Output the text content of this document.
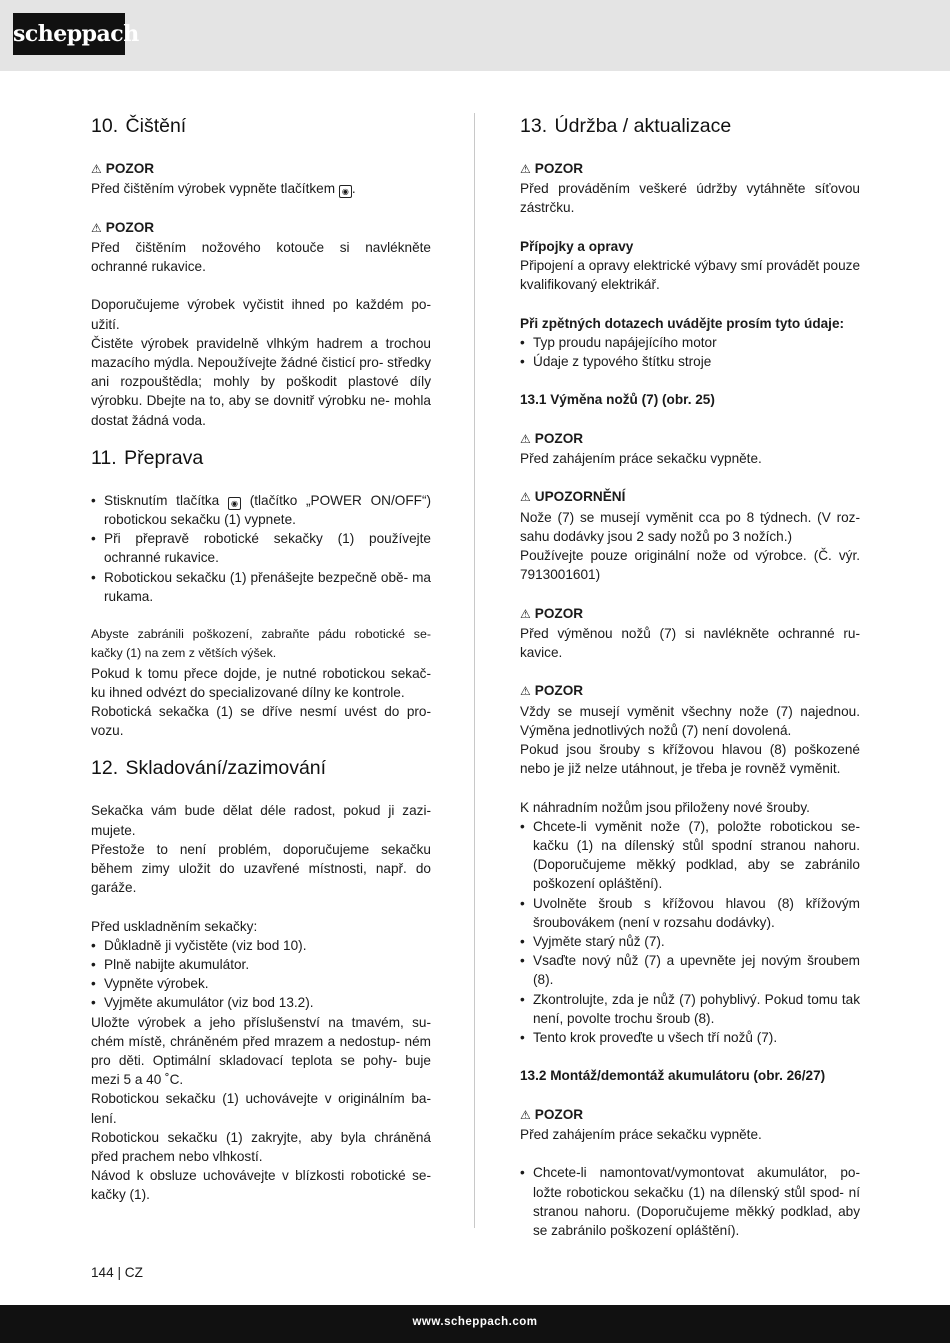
scheppach
10. Čištění
⚠ POZOR

Před čištěním výrobek vypněte tlačítkem ◉ .

⚠ POZOR

Před čištěním nožového kotouče si navlékněte ochranné rukavice.

Doporučujeme výrobek vyčistit ihned po každém po- užití.

Čistěte výrobek pravidelně vlhkým hadrem a trochou mazacího mýdla. Nepoužívejte žádné čisticí pro- středky ani rozpouštědla; mohly by poškodit plastové díly výrobku. Dbejte na to, aby se dovnitř výrobku ne- mohla dostat žádná voda.

11. Přeprava
• Stisknutím tlačítka ◉ (tlačítko „POWER ON/OFF“) robotickou sekačku (1) vypnete.
• Při přepravě robotické sekačky (1) používejte ochranné rukavice.
• Robotickou sekačku (1) přenášejte bezpečně obě- ma rukama.

Abyste zabránili poškození, zabraňte pádu robotické se- kačky (1) na zem z větších výšek.

Pokud k tomu přece dojde, je nutné robotickou sekač- ku ihned odvézt do specializované dílny ke kontrole.

Robotická sekačka (1) se dříve nesmí uvést do pro- vozu.

12. Skladování/zazimování

Sekačka vám bude dělat déle radost, pokud ji zazi- mujete.

Přestože to není problém, doporučujeme sekačku během zimy uložit do uzavřené místnosti, např. do garáže.

Před uskladněním sekačky:

• Důkladně ji vyčistěte (viz bod 10).
• Plně nabijte akumulátor.
• Vypněte výrobek.
• Vyjměte akumulátor (viz bod 13.2).

Uložte výrobek a jeho příslušenství na tmavém, su- chém místě, chráněném před mrazem a nedostup- ném pro děti. Optimální skladovací teplota se pohy- buje mezi 5 a 40 ˚C.

Robotickou sekačku (1) uchovávejte v originálním ba- lení.

Robotickou sekačku (1) zakryjte, aby byla chráněná před prachem nebo vlhkostí.

Návod k obsluze uchovávejte v blízkosti robotické se- kačky (1).

13. Údržba / aktualizace
⚠ POZOR

Před prováděním veškeré údržby vytáhněte síťovou zástrčku.

Přípojky a opravy

Připojení a opravy elektrické výbavy smí provádět pouze kvalifikovaný elektrikář.

Při zpětných dotazech uvádějte prosím tyto údaje:

• Typ proudu napájejícího motor
• Údaje z typového štítku stroje

13.1 Výměna nožů (7) (obr. 25)

⚠ POZOR

Před zahájením práce sekačku vypněte.

⚠ UPOZORNĚNÍ

Nože (7) se musejí vyměnit cca po 8 týdnech. (V roz- sahu dodávky jsou 2 sady nožů po 3 nožích.)

Používejte pouze originální nože od výrobce. (Č. výr. 7913001601)

⚠ POZOR

Před výměnou nožů (7) si navlékněte ochranné ru- kavice.

⚠ POZOR

Vždy se musejí vyměnit všechny nože (7) najednou. Výměna jednotlivých nožů (7) není dovolená.

Pokud jsou šrouby s křížovou hlavou (8) poškozené nebo je již nelze utáhnout, je třeba je rovněž vyměnit.

K náhradním nožům jsou přiloženy nové šrouby.

• Chcete-li vyměnit nože (7), položte robotickou se- kačku (1) na dílenský stůl spodní stranou nahoru. (Doporučujeme měkký podklad, aby se zabránilo poškození opláštění).
• Uvolněte šroub s křížovou hlavou (8) křížovým šroubovákem (není v rozsahu dodávky).
• Vyjměte starý nůž (7).
• Vsaďte nový nůž (7) a upevněte jej novým šroubem (8).
• Zkontrolujte, zda je nůž (7) pohyblivý. Pokud tomu tak není, povolte trochu šroub (8).
• Tento krok proveďte u všech tří nožů (7).

13.2 Montáž/demontáž akumulátoru (obr. 26/27)

⚠ POZOR

Před zahájením práce sekačku vypněte.

• Chcete-li namontovat/vymontovat akumulátor, po- ložte robotickou sekačku (1) na dílenský stůl spod- ní stranou nahoru. (Doporučujeme měkký podklad, aby se zabránilo poškození opláštění).
144 | CZ
www.scheppach.com
